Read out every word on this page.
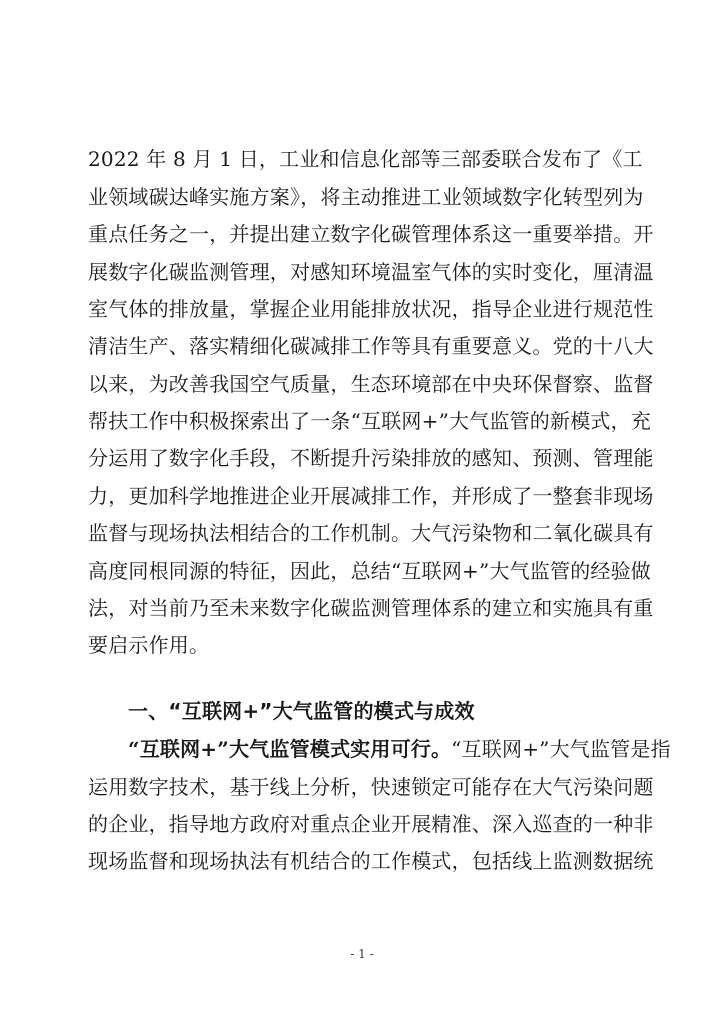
2022 年 8 月 1 日，工业和信息化部等三部委联合发布了《工
业领域碳达峰实施方案》，将主动推进工业领域数字化转型列为
重点任务之一，并提出建立数字化碳管理体系这一重要举措。开
展数字化碳监测管理，对感知环境温室气体的实时变化，厘清温
室气体的排放量，掌握企业用能排放状况，指导企业进行规范性
清洁生产、落实精细化碳减排工作等具有重要意义。党的十八大
以来，为改善我国空气质量，生态环境部在中央环保督察、监督
帮扶工作中积极探索出了一条“互联网+”大气监管的新模式，充
分运用了数字化手段，不断提升污染排放的感知、预测、管理能
力，更加科学地推进企业开展减排工作，并形成了一整套非现场
监督与现场执法相结合的工作机制。大气污染物和二氧化碳具有
高度同根同源的特征，因此，总结“互联网+”大气监管的经验做
法，对当前乃至未来数字化碳监测管理体系的建立和实施具有重
要启示作用。
一、“互联网+”大气监管的模式与成效
“互联网+”大气监管模式实用可行。“互联网+”大气监管是指
运用数字技术，基于线上分析，快速锁定可能存在大气污染问题
的企业，指导地方政府对重点企业开展精准、深入巡查的一种非
现场监督和现场执法有机结合的工作模式，包括线上监测数据统
- 1 -
